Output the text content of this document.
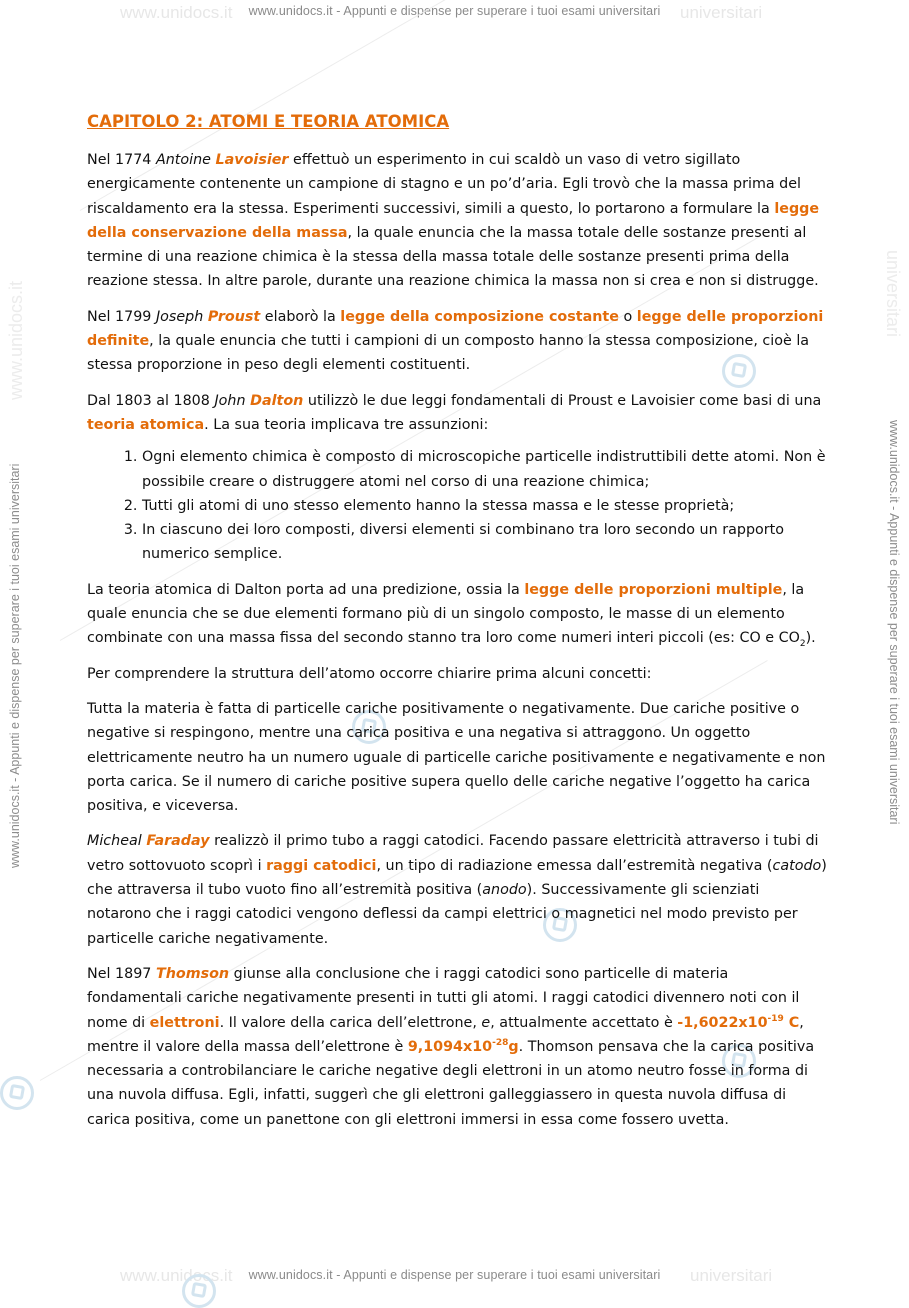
www.unidocs.it	universitari
www.unidocs.it - Appunti e dispense per superare i tuoi esami universitari
www.unidocs.it	universitari
www.unidocs.it - Appunti e dispense per superare i tuoi esami universitari
www.unidocs.it - Appunti e dispense per superare i tuoi esami universitari	www.unidocs.it - Appunti e dispense per superare i tuoi esami universitari
www.unidocs.it	universitari
CAPITOLO 2: ATOMI E TEORIA ATOMICA

Nel 1774 Antoine Lavoisier effettuò un esperimento in cui scaldò un vaso di vetro sigillato energicamente contenente un campione di stagno e un po’d’aria. Egli trovò che la massa prima del riscaldamento era la stessa. Esperimenti successivi, simili a questo, lo portarono a formulare la legge della conservazione della massa, la quale enuncia che la massa totale delle sostanze presenti al termine di una reazione chimica è la stessa della massa totale delle sostanze presenti prima della reazione stessa. In altre parole, durante una reazione chimica la massa non si crea e non si distrugge.

Nel 1799 Joseph Proust elaborò la legge della composizione costante o legge delle proporzioni definite, la quale enuncia che tutti i campioni di un composto hanno la stessa composizione, cioè la stessa proporzione in peso degli elementi costituenti.

Dal 1803 al 1808 John Dalton utilizzò le due leggi fondamentali di Proust e Lavoisier come basi di una teoria atomica. La sua teoria implicava tre assunzioni:

1. Ogni elemento chimica è composto di microscopiche particelle indistruttibili dette atomi. Non è possibile creare o distruggere atomi nel corso di una reazione chimica;
2. Tutti gli atomi di uno stesso elemento hanno la stessa massa e le stesse proprietà;
3. In ciascuno dei loro composti, diversi elementi si combinano tra loro secondo un rapporto numerico semplice.

La teoria atomica di Dalton porta ad una predizione, ossia la legge delle proporzioni multiple, la quale enuncia che se due elementi formano più di un singolo composto, le masse di un elemento combinate con una massa fissa del secondo stanno tra loro come numeri interi piccoli (es: CO e $CO_2$).

Per comprendere la struttura dell’atomo occorre chiarire prima alcuni concetti:

Tutta la materia è fatta di particelle cariche positivamente o negativamente. Due cariche positive o negative si respingono, mentre una carica positiva e una negativa si attraggono. Un oggetto elettricamente neutro ha un numero uguale di particelle cariche positivamente e negativamente e non porta carica. Se il numero di cariche positive supera quello delle cariche negative l’oggetto ha carica positiva, e viceversa.

Micheal Faraday realizzò il primo tubo a raggi catodici. Facendo passare elettricità attraverso i tubi di vetro sottovuoto scoprì i raggi catodici, un tipo di radiazione emessa dall’estremità negativa (catodo) che attraversa il tubo vuoto fino all’estremità positiva (anodo). Successivamente gli scienziati notarono che i raggi catodici vengono deflessi da campi elettrici o magnetici nel modo previsto per particelle cariche negativamente.

Nel 1897 Thomson giunse alla conclusione che i raggi catodici sono particelle di materia fondamentali cariche negativamente presenti in tutti gli atomi. I raggi catodici divennero noti con il nome di elettroni. Il valore della carica dell’elettrone, e, attualmente accettato è $-1,6022x10^{-19}$ C, mentre il valore della massa dell’elettrone è $9,1094x10^{-28}g$. Thomson pensava che la carica positiva necessaria a controbilanciare le cariche negative degli elettroni in un atomo neutro fosse in forma di una nuvola diffusa. Egli, infatti, suggerì che gli elettroni galleggiassero in questa nuvola diffusa di carica positiva, come un panettone con gli elettroni immersi in essa come fossero uvetta.
